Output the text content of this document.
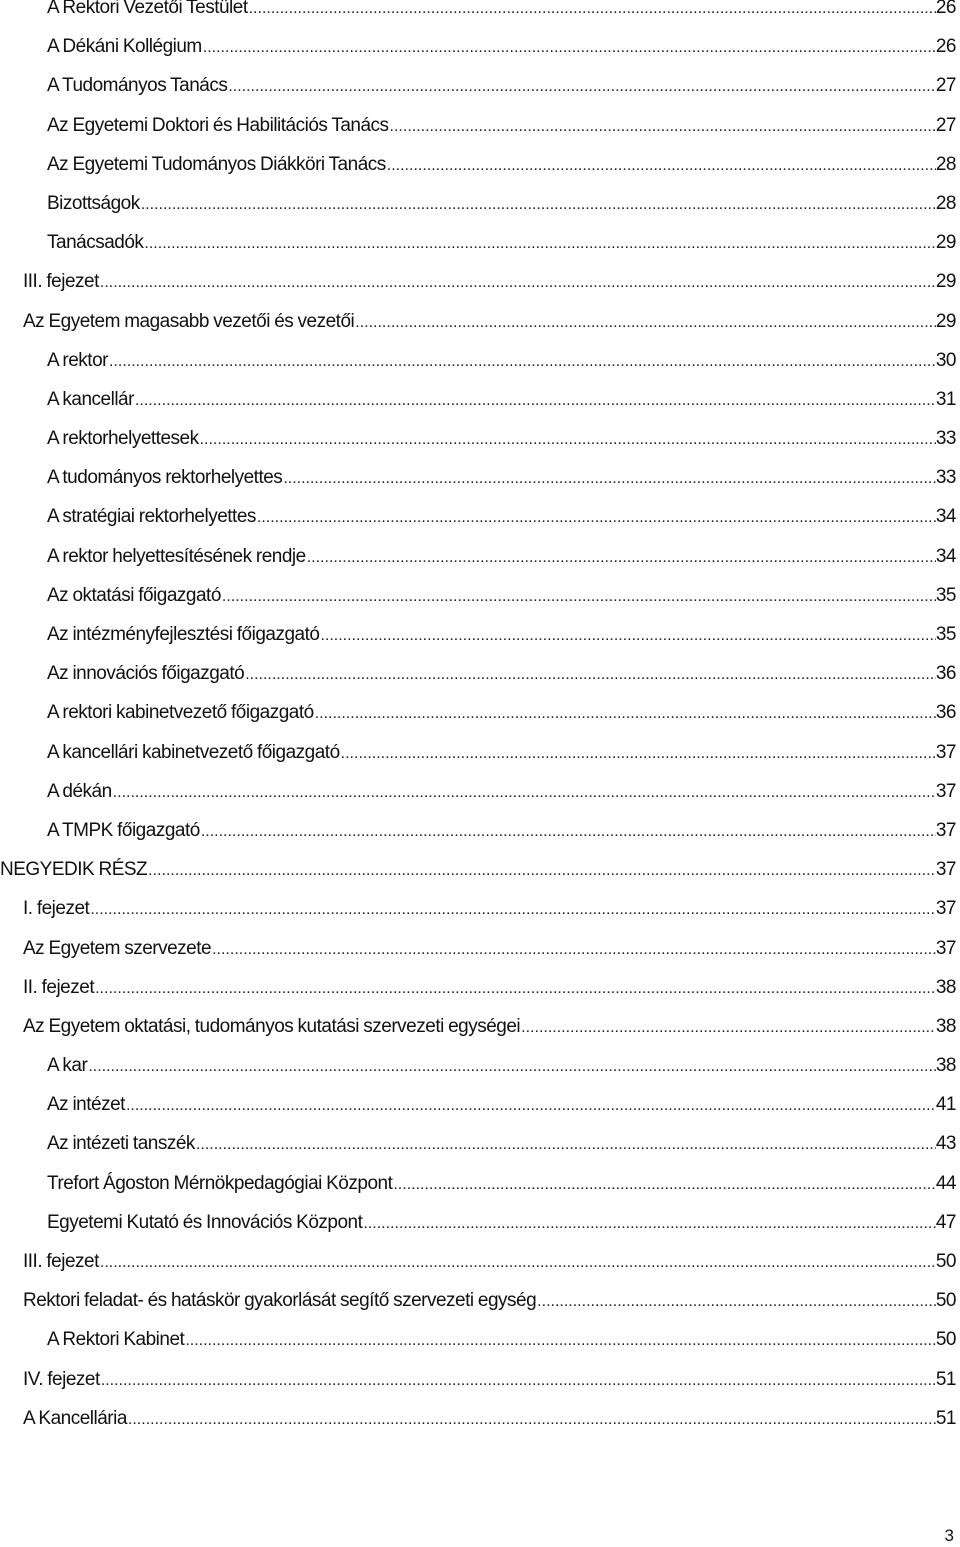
A Rektori Vezetői Testület .....	26
A Dékáni Kollégium .....	26
A Tudományos Tanács .....	27
Az Egyetemi Doktori és Habilitációs Tanács .....	27
Az Egyetemi Tudományos Diákköri Tanács .....	28
Bizottságok .....	28
Tanácsadók .....	29
III. fejezet .....	29
Az Egyetem magasabb vezetői és vezetői .....	29
A rektor .....	30
A kancellár .....	31
A rektorhelyettesek .....	33
A tudományos rektorhelyettes .....	33
A stratégiai rektorhelyettes .....	34
A rektor helyettesítésének rendje .....	34
Az oktatási főigazgató .....	35
Az intézményfejlesztési főigazgató .....	35
Az innovációs főigazgató .....	36
A rektori kabinetvezető főigazgató .....	36
A kancellári kabinetvezető főigazgató .....	37
A dékán .....	37
A TMPK főigazgató .....	37
NEGYEDIK RÉSZ .....	37
I. fejezet .....	37
Az Egyetem szervezete .....	37
II. fejezet .....	38
Az Egyetem oktatási, tudományos kutatási szervezeti egységei .....	38
A kar .....	38
Az intézet .....	41
Az intézeti tanszék .....	43
Trefort Ágoston Mérnökpedagógiai Központ .....	44
Egyetemi Kutató és Innovációs Központ .....	47
III. fejezet .....	50
Rektori feladat- és hatáskör gyakorlását segítő szervezeti egység .....	50
A Rektori Kabinet .....	50
IV. fejezet .....	51
A Kancellária .....	51
3
